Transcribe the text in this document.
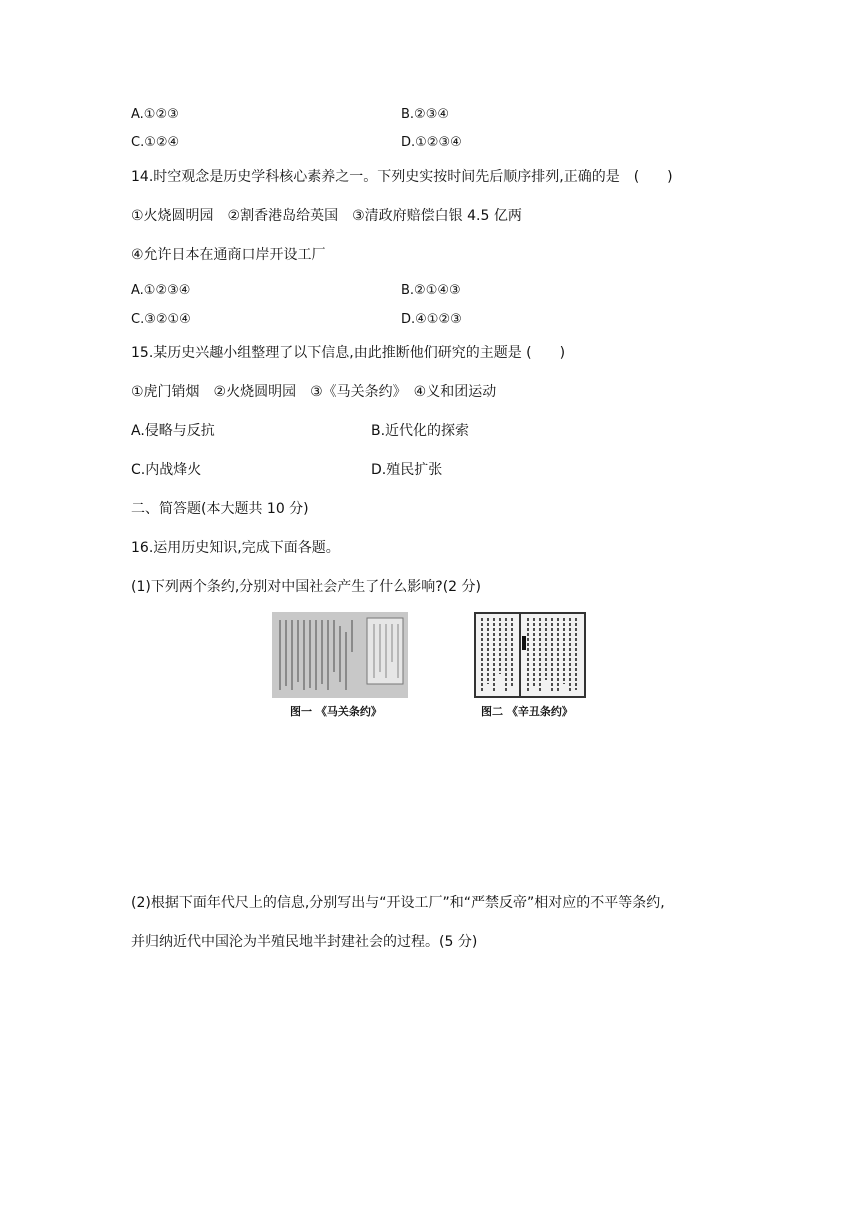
A.①②③	B.②③④
C.①②④	D.①②③④
14.时空观念是历史学科核心素养之一。下列史实按时间先后顺序排列,正确的是　(　　)
①火烧圆明园　②割香港岛给英国　③清政府赔偿白银 4.5 亿两
④允许日本在通商口岸开设工厂
A.①②③④	B.②①④③
C.③②①④	D.④①②③
15.某历史兴趣小组整理了以下信息,由此推断他们研究的主题是 (　　)
①虎门销烟　②火烧圆明园　③《马关条约》　④义和团运动
A.侵略与反抗	B.近代化的探索
C.内战烽火	D.殖民扩张
二、简答题(本大题共 10 分)
16.运用历史知识,完成下面各题。
(1)下列两个条约,分别对中国社会产生了什么影响?(2 分)
图一 《马关条约》	图二 《辛丑条约》
(2)根据下面年代尺上的信息,分别写出与“开设工厂”和“严禁反帝”相对应的不平等条约,
并归纳近代中国沦为半殖民地半封建社会的过程。(5 分)
